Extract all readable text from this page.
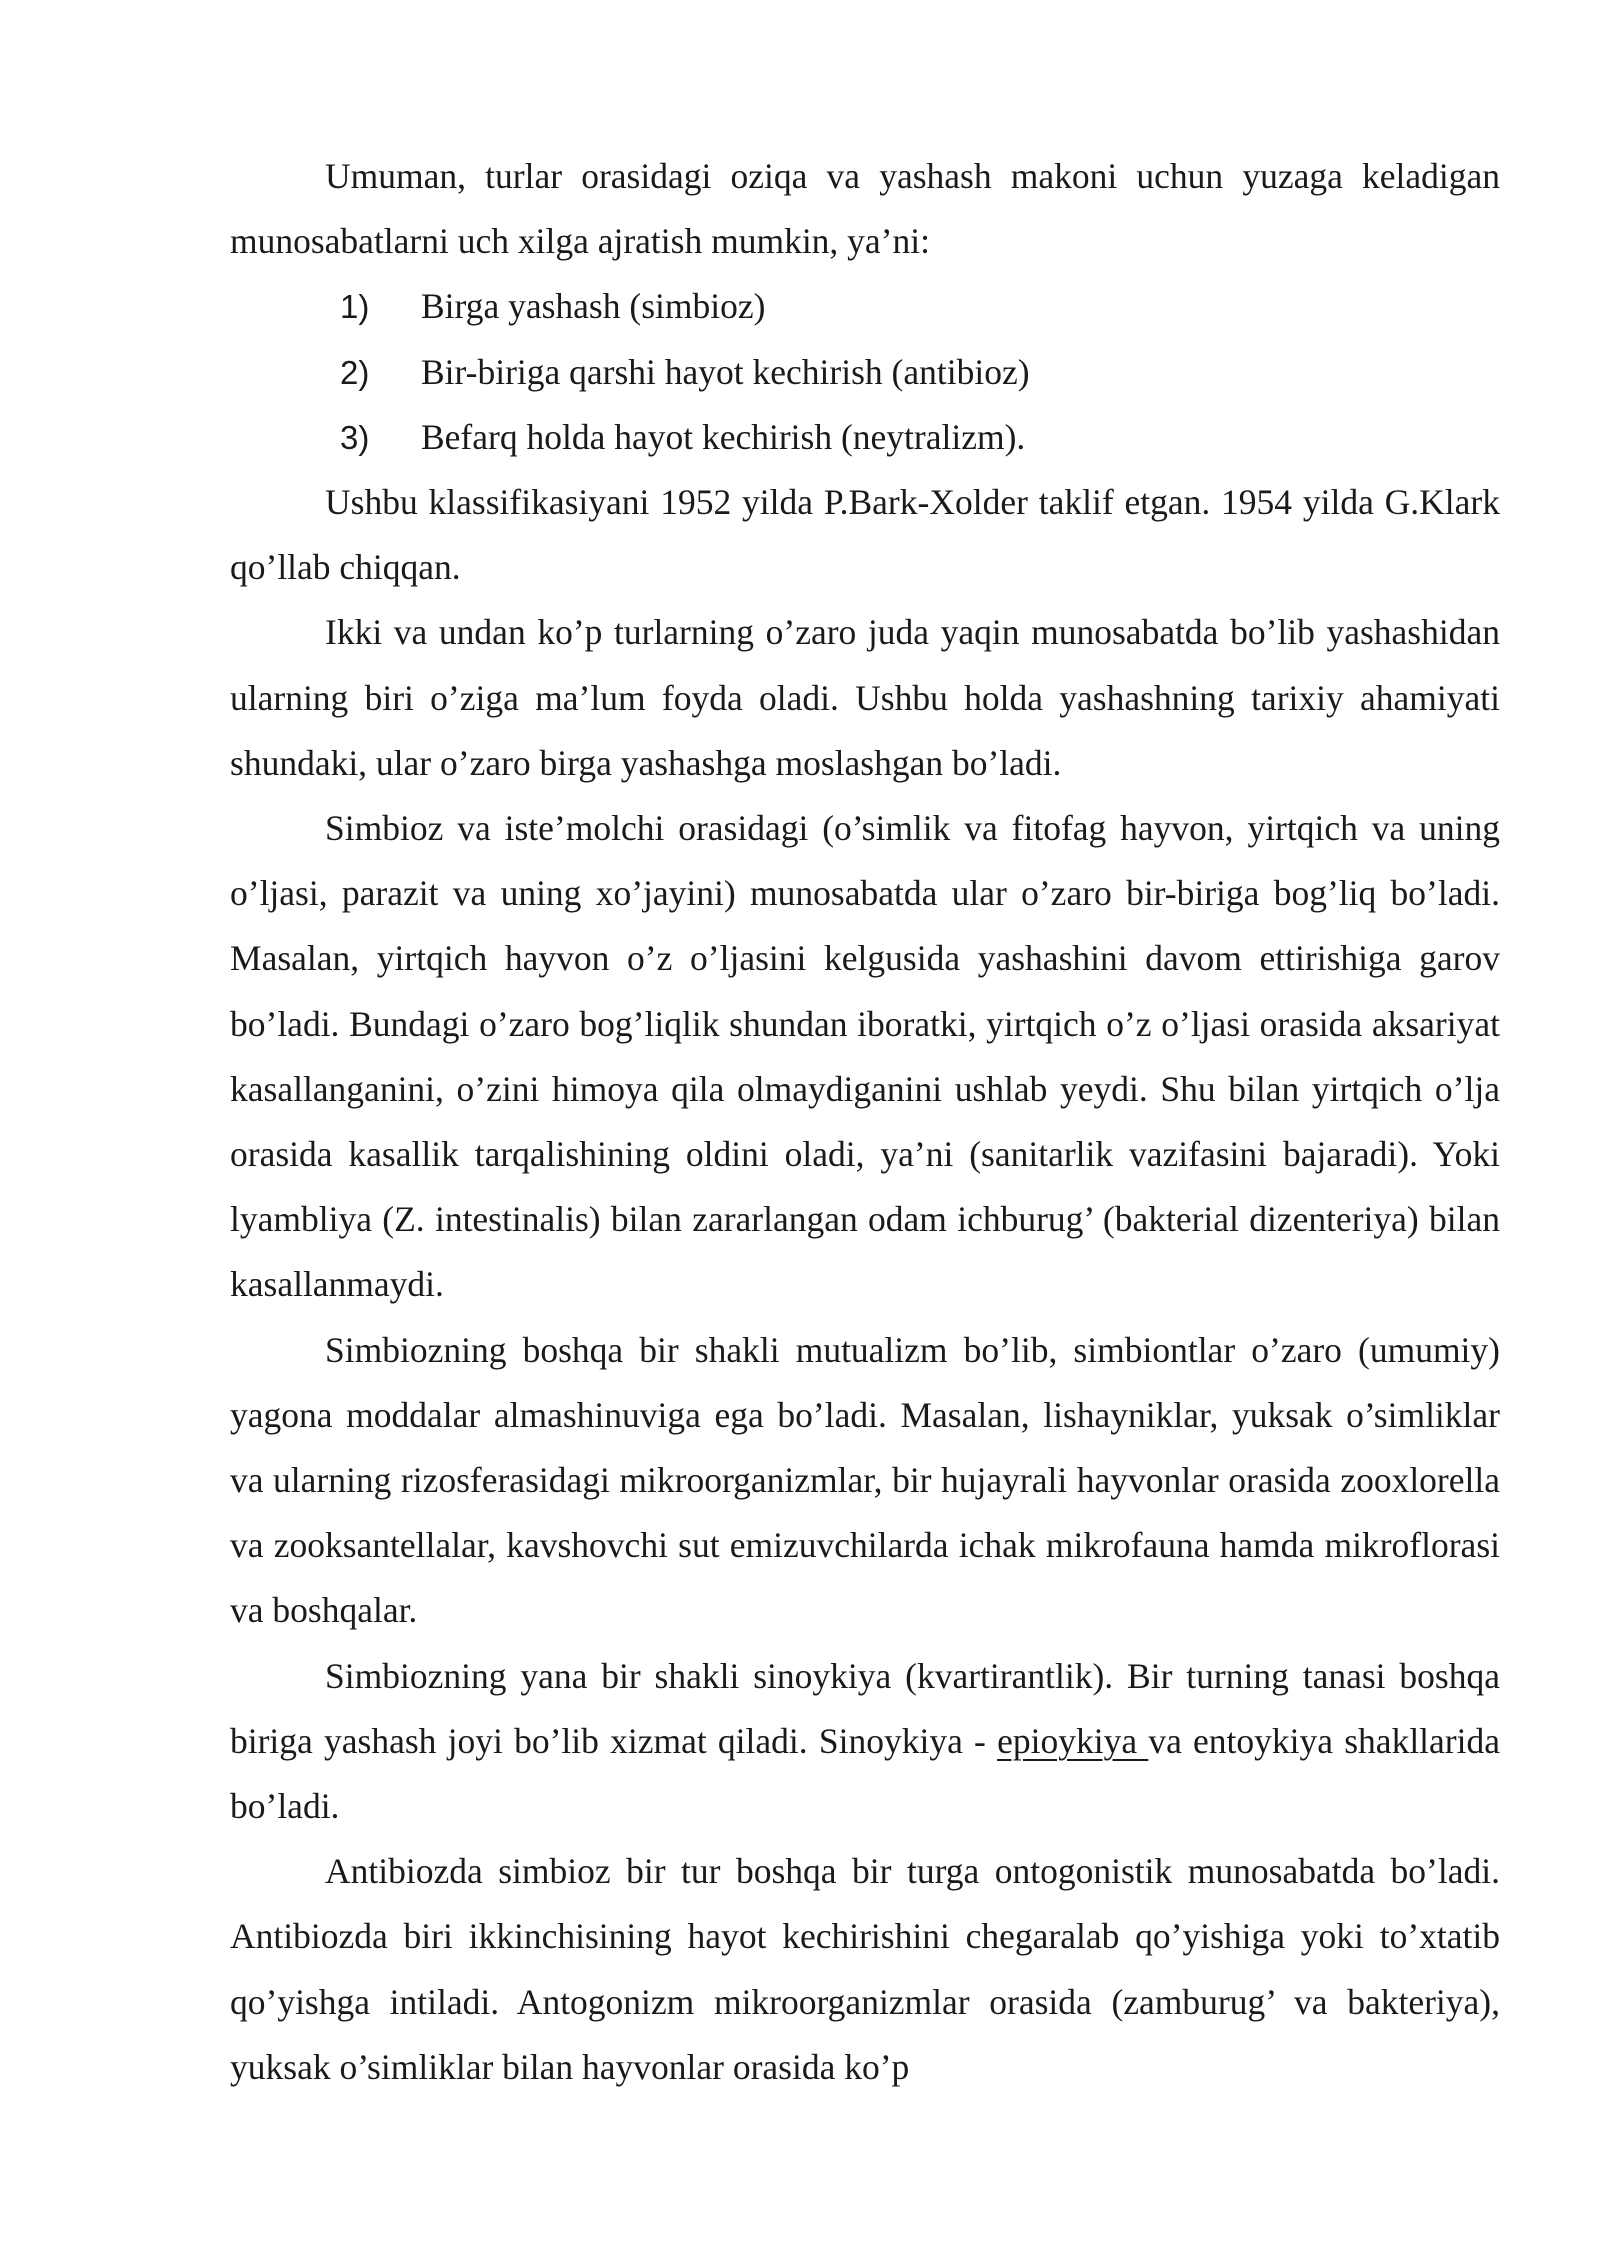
Umuman, turlar orasidagi oziqa va yashash makoni uchun yuzaga keladigan munosabatlarni uch xilga ajratish mumkin, ya’ni:

1)	Birga yashash (simbioz)
2)	Bir-biriga qarshi hayot kechirish (antibioz)
3)	Befarq holda hayot kechirish (neytralizm).

Ushbu klassifikasiyani 1952 yilda P.Bark-Xolder taklif etgan. 1954 yilda G.Klark qo’llab chiqqan.

Ikki va undan ko’p turlarning o’zaro juda yaqin munosabatda bo’lib yashashidan ularning biri o’ziga ma’lum foyda oladi. Ushbu holda yashashning tarixiy ahamiyati shundaki, ular o’zaro birga yashashga moslashgan bo’ladi.

Simbioz va iste’molchi orasidagi (o’simlik va fitofag hayvon, yirtqich va uning o’ljasi, parazit va uning xo’jayini) munosabatda ular o’zaro bir-biriga bog’liq bo’ladi. Masalan, yirtqich hayvon o’z o’ljasini kelgusida yashashini davom ettirishiga garov bo’ladi. Bundagi o’zaro bog’liqlik shundan iboratki, yirtqich o’z o’ljasi orasida aksariyat kasallanganini, o’zini himoya qila olmaydiganini ushlab yeydi. Shu bilan yirtqich o’lja orasida kasallik tarqalishining oldini oladi, ya’ni (sanitarlik vazifasini bajaradi). Yoki lyambliya (Z. intestinalis) bilan zararlangan odam ichburug’ (bakterial dizenteriya) bilan kasallanmaydi.

Simbiozning boshqa bir shakli mutualizm bo’lib, simbiontlar o’zaro (umumiy) yagona moddalar almashinuviga ega bo’ladi. Masalan, lishayniklar, yuksak o’simliklar va ularning rizosferasidagi mikroorganizmlar, bir hujayrali hayvonlar orasida zooxlorella va zooksantellalar, kavshovchi sut emizuvchilarda ichak mikrofauna hamda mikroflorasi va boshqalar.

Simbiozning yana bir shakli sinoykiya (kvartirantlik). Bir turning tanasi boshqa biriga yashash joyi bo’lib xizmat qiladi. Sinoykiya - epioykiya va entoykiya shakllarida bo’ladi.

Antibiozda simbioz bir tur boshqa bir turga ontogonistik munosabatda bo’ladi. Antibiozda biri ikkinchisining hayot kechirishini chegaralab qo’yishiga yoki to’xtatib qo’yishga intiladi. Antogonizm mikroorganizmlar orasida (zamburug’ va bakteriya), yuksak o’simliklar bilan hayvonlar orasida ko’p
